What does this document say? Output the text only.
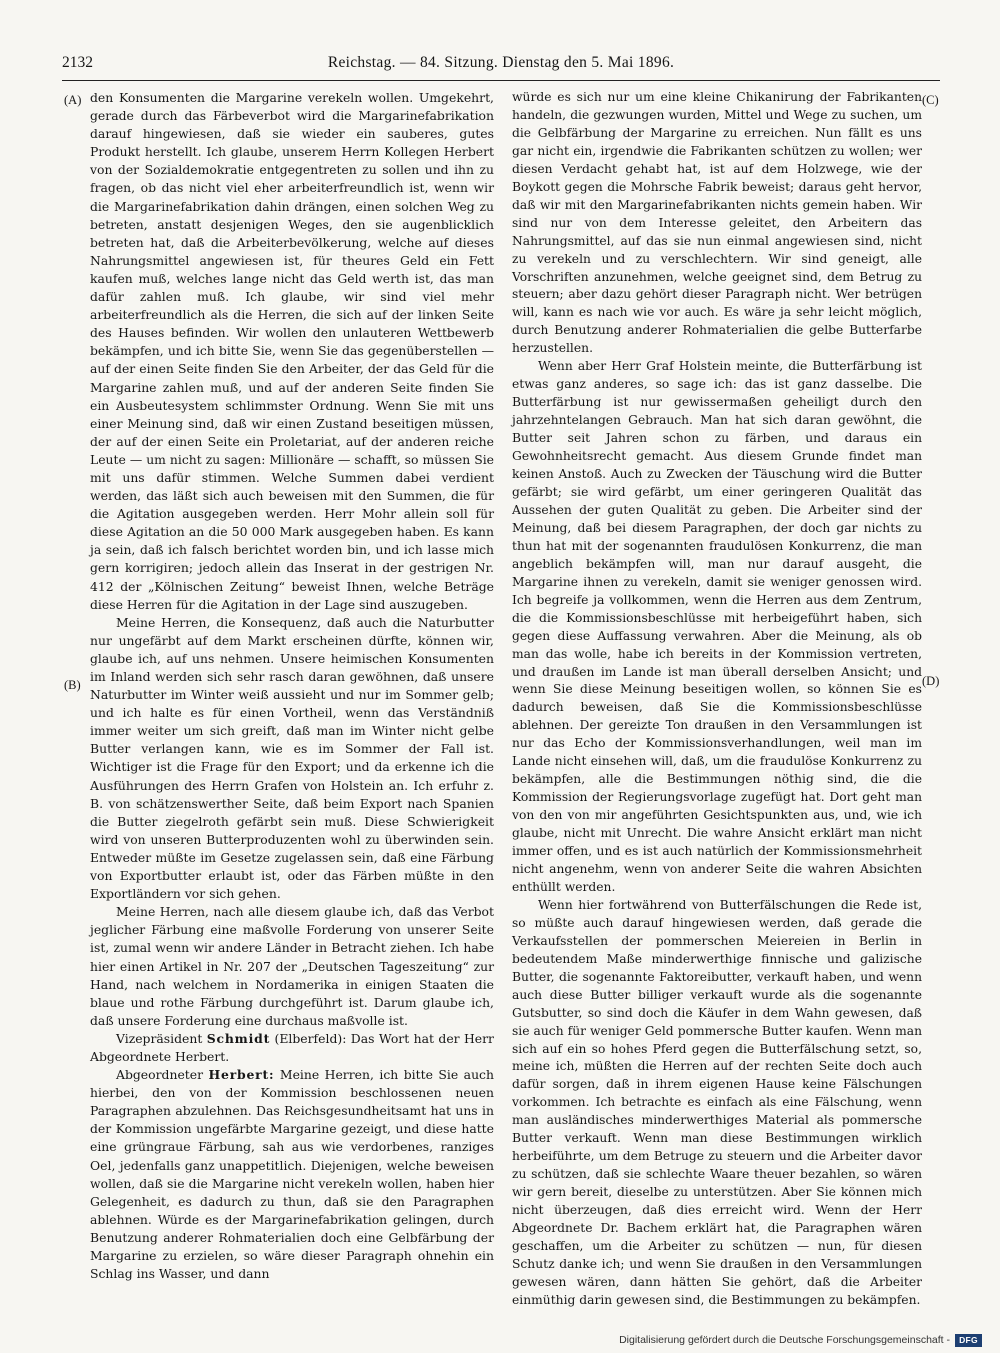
2132	Reichstag. — 84. Sitzung. Dienstag den 5. Mai 1896.
(A)
(B)
(C)
(D)

den Konsumenten die Margarine verekeln wollen. Umgekehrt, gerade durch das Färbeverbot wird die Margarinefabrikation darauf hingewiesen, daß sie wieder ein sauberes, gutes Produkt herstellt. Ich glaube, unserem Herrn Kollegen Herbert von der Sozialdemokratie entgegentreten zu sollen und ihn zu fragen, ob das nicht viel eher arbeiterfreundlich ist, wenn wir die Margarinefabrikation dahin drängen, einen solchen Weg zu betreten, anstatt desjenigen Weges, den sie augenblicklich betreten hat, daß die Arbeiterbevölkerung, welche auf dieses Nahrungsmittel angewiesen ist, für theures Geld ein Fett kaufen muß, welches lange nicht das Geld werth ist, das man dafür zahlen muß. Ich glaube, wir sind viel mehr arbeiterfreundlich als die Herren, die sich auf der linken Seite des Hauses befinden. Wir wollen den unlauteren Wettbewerb bekämpfen, und ich bitte Sie, wenn Sie das gegenüberstellen — auf der einen Seite finden Sie den Arbeiter, der das Geld für die Margarine zahlen muß, und auf der anderen Seite finden Sie ein Ausbeutesystem schlimmster Ordnung. Wenn Sie mit uns einer Meinung sind, daß wir einen Zustand beseitigen müssen, der auf der einen Seite ein Proletariat, auf der anderen reiche Leute — um nicht zu sagen: Millionäre — schafft, so müssen Sie mit uns dafür stimmen. Welche Summen dabei verdient werden, das läßt sich auch beweisen mit den Summen, die für die Agitation ausgegeben werden. Herr Mohr allein soll für diese Agitation an die 50 000 Mark ausgegeben haben. Es kann ja sein, daß ich falsch berichtet worden bin, und ich lasse mich gern korrigiren; jedoch allein das Inserat in der gestrigen Nr. 412 der „Kölnischen Zeitung“ beweist Ihnen, welche Beträge diese Herren für die Agitation in der Lage sind auszugeben.

Meine Herren, die Konsequenz, daß auch die Naturbutter nur ungefärbt auf dem Markt erscheinen dürfte, können wir, glaube ich, auf uns nehmen. Unsere heimischen Konsumenten im Inland werden sich sehr rasch daran gewöhnen, daß unsere Naturbutter im Winter weiß aussieht und nur im Sommer gelb; und ich halte es für einen Vortheil, wenn das Verständniß immer weiter um sich greift, daß man im Winter nicht gelbe Butter verlangen kann, wie es im Sommer der Fall ist. Wichtiger ist die Frage für den Export; und da erkenne ich die Ausführungen des Herrn Grafen von Holstein an. Ich erfuhr z. B. von schätzenswerther Seite, daß beim Export nach Spanien die Butter ziegelroth gefärbt sein muß. Diese Schwierigkeit wird von unseren Butterproduzenten wohl zu überwinden sein. Entweder müßte im Gesetze zugelassen sein, daß eine Färbung von Exportbutter erlaubt ist, oder das Färben müßte in den Exportländern vor sich gehen.

Meine Herren, nach alle diesem glaube ich, daß das Verbot jeglicher Färbung eine maßvolle Forderung von unserer Seite ist, zumal wenn wir andere Länder in Betracht ziehen. Ich habe hier einen Artikel in Nr. 207 der „Deutschen Tageszeitung“ zur Hand, nach welchem in Nordamerika in einigen Staaten die blaue und rothe Färbung durchgeführt ist. Darum glaube ich, daß unsere Forderung eine durchaus maßvolle ist.

Vizepräsident Schmidt (Elberfeld): Das Wort hat der Herr Abgeordnete Herbert.

Abgeordneter Herbert: Meine Herren, ich bitte Sie auch hierbei, den von der Kommission beschlossenen neuen Paragraphen abzulehnen. Das Reichsgesundheitsamt hat uns in der Kommission ungefärbte Margarine gezeigt, und diese hatte eine grüngraue Färbung, sah aus wie verdorbenes, ranziges Oel, jedenfalls ganz unappetitlich. Diejenigen, welche beweisen wollen, daß sie die Margarine nicht verekeln wollen, haben hier Gelegenheit, es dadurch zu thun, daß sie den Paragraphen ablehnen. Würde es der Margarinefabrikation gelingen, durch Benutzung anderer Rohmaterialien doch eine Gelbfärbung der Margarine zu erzielen, so wäre dieser Paragraph ohnehin ein Schlag ins Wasser, und dann

würde es sich nur um eine kleine Chikanirung der Fabrikanten handeln, die gezwungen wurden, Mittel und Wege zu suchen, um die Gelbfärbung der Margarine zu erreichen. Nun fällt es uns gar nicht ein, irgendwie die Fabrikanten schützen zu wollen; wer diesen Verdacht gehabt hat, ist auf dem Holzwege, wie der Boykott gegen die Mohrsche Fabrik beweist; daraus geht hervor, daß wir mit den Margarinefabrikanten nichts gemein haben. Wir sind nur von dem Interesse geleitet, den Arbeitern das Nahrungsmittel, auf das sie nun einmal angewiesen sind, nicht zu verekeln und zu verschlechtern. Wir sind geneigt, alle Vorschriften anzunehmen, welche geeignet sind, dem Betrug zu steuern; aber dazu gehört dieser Paragraph nicht. Wer betrügen will, kann es nach wie vor auch. Es wäre ja sehr leicht möglich, durch Benutzung anderer Rohmaterialien die gelbe Butterfarbe herzustellen.

Wenn aber Herr Graf Holstein meinte, die Butterfärbung ist etwas ganz anderes, so sage ich: das ist ganz dasselbe. Die Butterfärbung ist nur gewissermaßen geheiligt durch den jahrzehntelangen Gebrauch. Man hat sich daran gewöhnt, die Butter seit Jahren schon zu färben, und daraus ein Gewohnheitsrecht gemacht. Aus diesem Grunde findet man keinen Anstoß. Auch zu Zwecken der Täuschung wird die Butter gefärbt; sie wird gefärbt, um einer geringeren Qualität das Aussehen der guten Qualität zu geben. Die Arbeiter sind der Meinung, daß bei diesem Paragraphen, der doch gar nichts zu thun hat mit der sogenannten fraudulösen Konkurrenz, die man angeblich bekämpfen will, man nur darauf ausgeht, die Margarine ihnen zu verekeln, damit sie weniger genossen wird. Ich begreife ja vollkommen, wenn die Herren aus dem Zentrum, die die Kommissionsbeschlüsse mit herbeigeführt haben, sich gegen diese Auffassung verwahren. Aber die Meinung, als ob man das wolle, habe ich bereits in der Kommission vertreten, und draußen im Lande ist man überall derselben Ansicht; und wenn Sie diese Meinung beseitigen wollen, so können Sie es dadurch beweisen, daß Sie die Kommissionsbeschlüsse ablehnen. Der gereizte Ton draußen in den Versammlungen ist nur das Echo der Kommissionsverhandlungen, weil man im Lande nicht einsehen will, daß, um die fraudulöse Konkurrenz zu bekämpfen, alle die Bestimmungen nöthig sind, die die Kommission der Regierungsvorlage zugefügt hat. Dort geht man von den von mir angeführten Gesichtspunkten aus, und, wie ich glaube, nicht mit Unrecht. Die wahre Ansicht erklärt man nicht immer offen, und es ist auch natürlich der Kommissionsmehrheit nicht angenehm, wenn von anderer Seite die wahren Absichten enthüllt werden.

Wenn hier fortwährend von Butterfälschungen die Rede ist, so müßte auch darauf hingewiesen werden, daß gerade die Verkaufsstellen der pommerschen Meiereien in Berlin in bedeutendem Maße minderwerthige finnische und galizische Butter, die sogenannte Faktoreibutter, verkauft haben, und wenn auch diese Butter billiger verkauft wurde als die sogenannte Gutsbutter, so sind doch die Käufer in dem Wahn gewesen, daß sie auch für weniger Geld pommersche Butter kaufen. Wenn man sich auf ein so hohes Pferd gegen die Butterfälschung setzt, so, meine ich, müßten die Herren auf der rechten Seite doch auch dafür sorgen, daß in ihrem eigenen Hause keine Fälschungen vorkommen. Ich betrachte es einfach als eine Fälschung, wenn man ausländisches minderwerthiges Material als pommersche Butter verkauft. Wenn man diese Bestimmungen wirklich herbeiführte, um dem Betruge zu steuern und die Arbeiter davor zu schützen, daß sie schlechte Waare theuer bezahlen, so wären wir gern bereit, dieselbe zu unterstützen. Aber Sie können mich nicht überzeugen, daß dies erreicht wird. Wenn der Herr Abgeordnete Dr. Bachem erklärt hat, die Paragraphen wären geschaffen, um die Arbeiter zu schützen — nun, für diesen Schutz danke ich; und wenn Sie draußen in den Versammlungen gewesen wären, dann hätten Sie gehört, daß die Arbeiter einmüthig darin gewesen sind, die Bestimmungen zu bekämpfen.

Digitalisierung gefördert durch die Deutsche Forschungsgemeinschaft -	DFG
